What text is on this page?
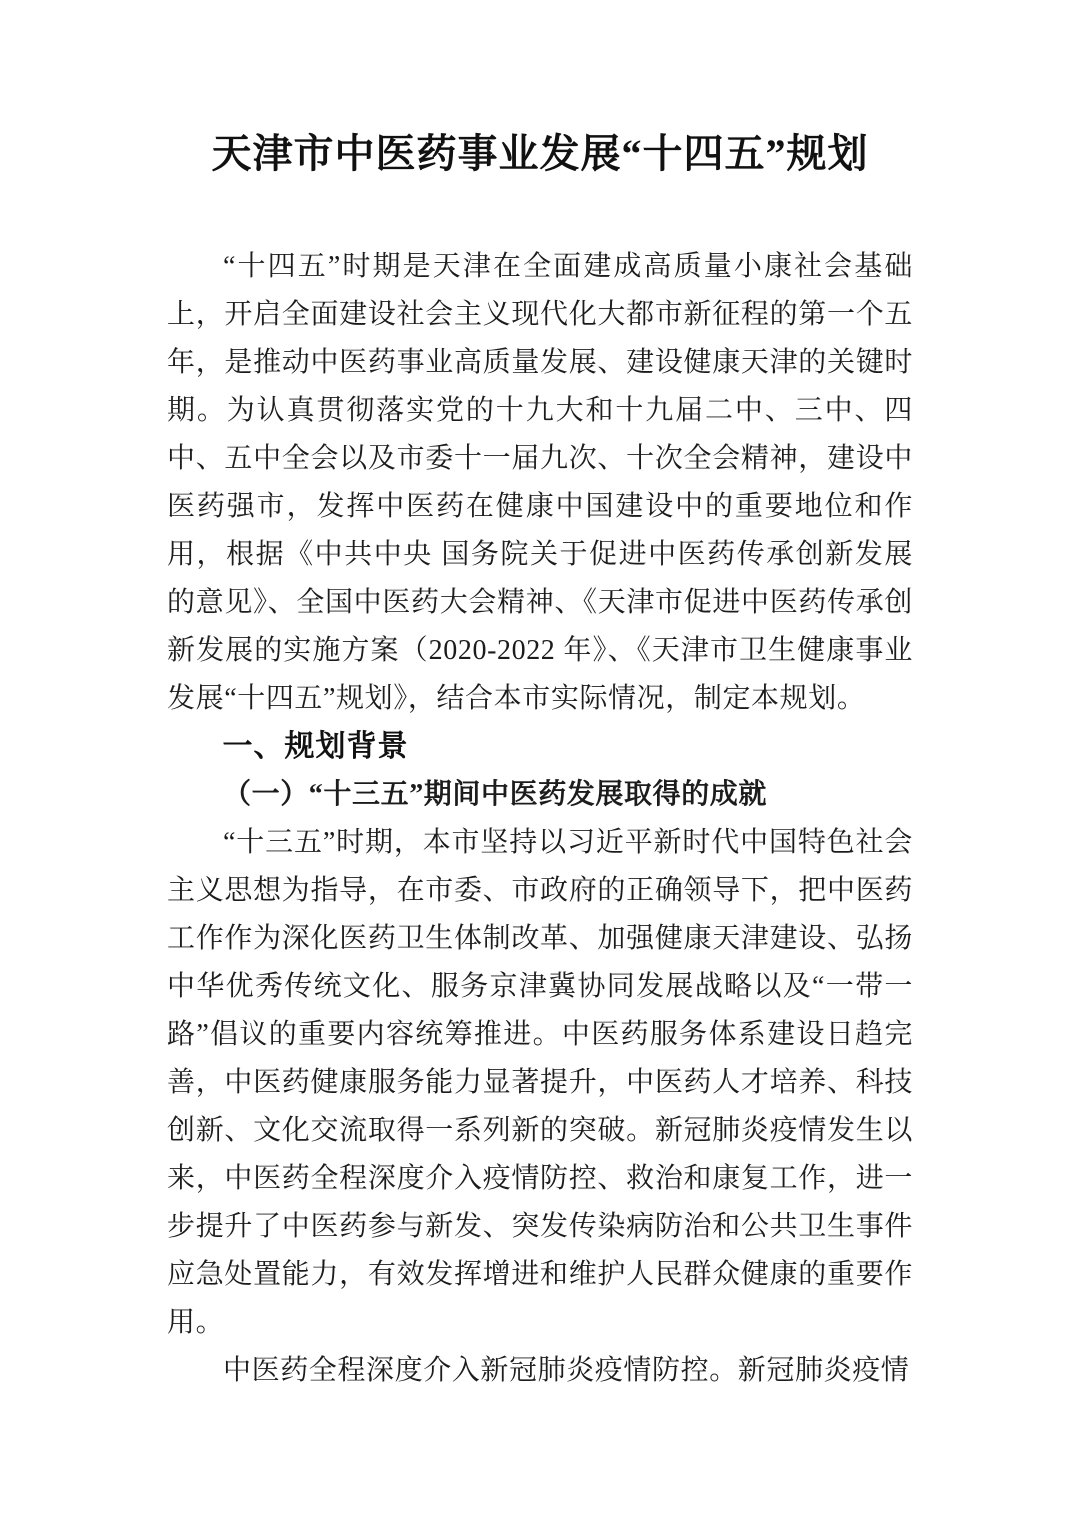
天津市中医药事业发展“十四五”规划

“十四五”时期是天津在全面建成高质量小康社会基础上，开启全面建设社会主义现代化大都市新征程的第一个五年，是推动中医药事业高质量发展、建设健康天津的关键时期。为认真贯彻落实党的十九大和十九届二中、三中、四中、五中全会以及市委十一届九次、十次全会精神，建设中医药强市，发挥中医药在健康中国建设中的重要地位和作用，根据《中共中央 国务院关于促进中医药传承创新发展的意见》、全国中医药大会精神、《天津市促进中医药传承创新发展的实施方案（2020-2022 年》、《天津市卫生健康事业发展“十四五”规划》，结合本市实际情况，制定本规划。

一、规划背景
（一）“十三五”期间中医药发展取得的成就

“十三五”时期，本市坚持以习近平新时代中国特色社会主义思想为指导，在市委、市政府的正确领导下，把中医药工作作为深化医药卫生体制改革、加强健康天津建设、弘扬中华优秀传统文化、服务京津冀协同发展战略以及“一带一路”倡议的重要内容统筹推进。中医药服务体系建设日趋完善，中医药健康服务能力显著提升，中医药人才培养、科技创新、文化交流取得一系列新的突破。新冠肺炎疫情发生以来，中医药全程深度介入疫情防控、救治和康复工作，进一步提升了中医药参与新发、突发传染病防治和公共卫生事件应急处置能力，有效发挥增进和维护人民群众健康的重要作用。

中医药全程深度介入新冠肺炎疫情防控。新冠肺炎疫情
